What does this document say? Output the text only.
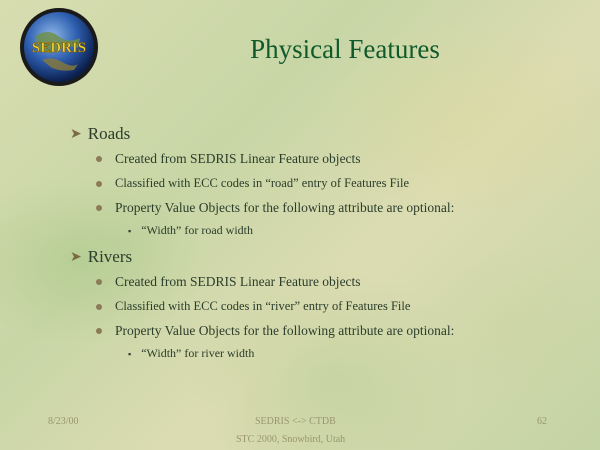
SEDRIS	Physical Features
➤ Roads
Created from SEDRIS Linear Feature objects
Classified with ECC codes in “road” entry of Features File
Property Value Objects for the following attribute are optional:
▪ “Width” for road width
➤ Rivers
Created from SEDRIS Linear Feature objects
Classified with ECC codes in “river” entry of Features File
Property Value Objects for the following attribute are optional:
▪ “Width” for river width
8/23/00	SEDRIS <-> CTDB	62
STC 2000, Snowbird, Utah
